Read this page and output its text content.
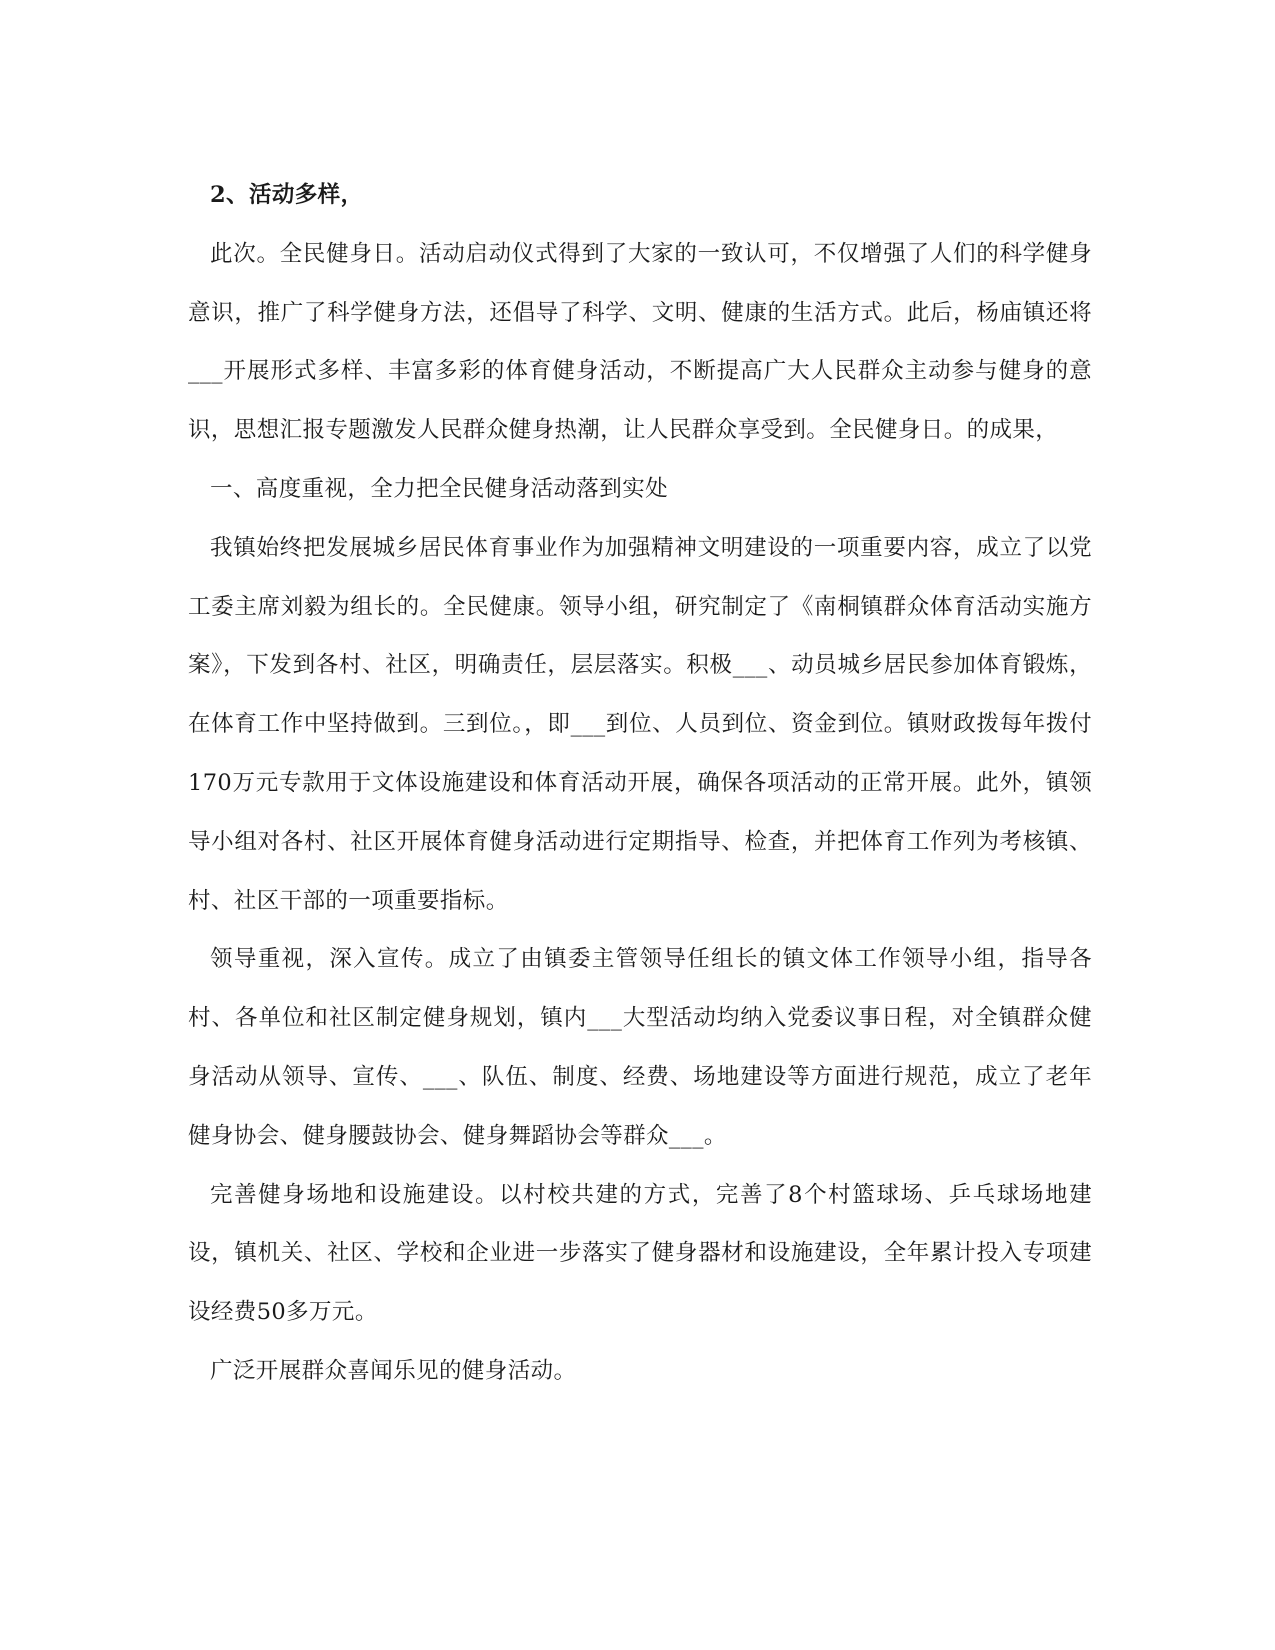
2、活动多样，

此次。全民健身日。活动启动仪式得到了大家的一致认可，不仅增强了人们的科学健身意识，推广了科学健身方法，还倡导了科学、文明、健康的生活方式。此后，杨庙镇还将___开展形式多样、丰富多彩的体育健身活动，不断提高广大人民群众主动参与健身的意识，思想汇报专题激发人民群众健身热潮，让人民群众享受到。全民健身日。的成果，

一、高度重视，全力把全民健身活动落到实处

我镇始终把发展城乡居民体育事业作为加强精神文明建设的一项重要内容，成立了以党工委主席刘毅为组长的。全民健康。领导小组，研究制定了《南桐镇群众体育活动实施方案》，下发到各村、社区，明确责任，层层落实。积极___、动员城乡居民参加体育锻炼，在体育工作中坚持做到。三到位。，即___到位、人员到位、资金到位。镇财政拨每年拨付170万元专款用于文体设施建设和体育活动开展，确保各项活动的正常开展。此外，镇领导小组对各村、社区开展体育健身活动进行定期指导、检查，并把体育工作列为考核镇、村、社区干部的一项重要指标。

领导重视，深入宣传。成立了由镇委主管领导任组长的镇文体工作领导小组，指导各村、各单位和社区制定健身规划，镇内___大型活动均纳入党委议事日程，对全镇群众健身活动从领导、宣传、___、队伍、制度、经费、场地建设等方面进行规范，成立了老年健身协会、健身腰鼓协会、健身舞蹈协会等群众___。

完善健身场地和设施建设。以村校共建的方式，完善了8个村篮球场、乒乓球场地建设，镇机关、社区、学校和企业进一步落实了健身器材和设施建设，全年累计投入专项建设经费50多万元。

广泛开展群众喜闻乐见的健身活动。
